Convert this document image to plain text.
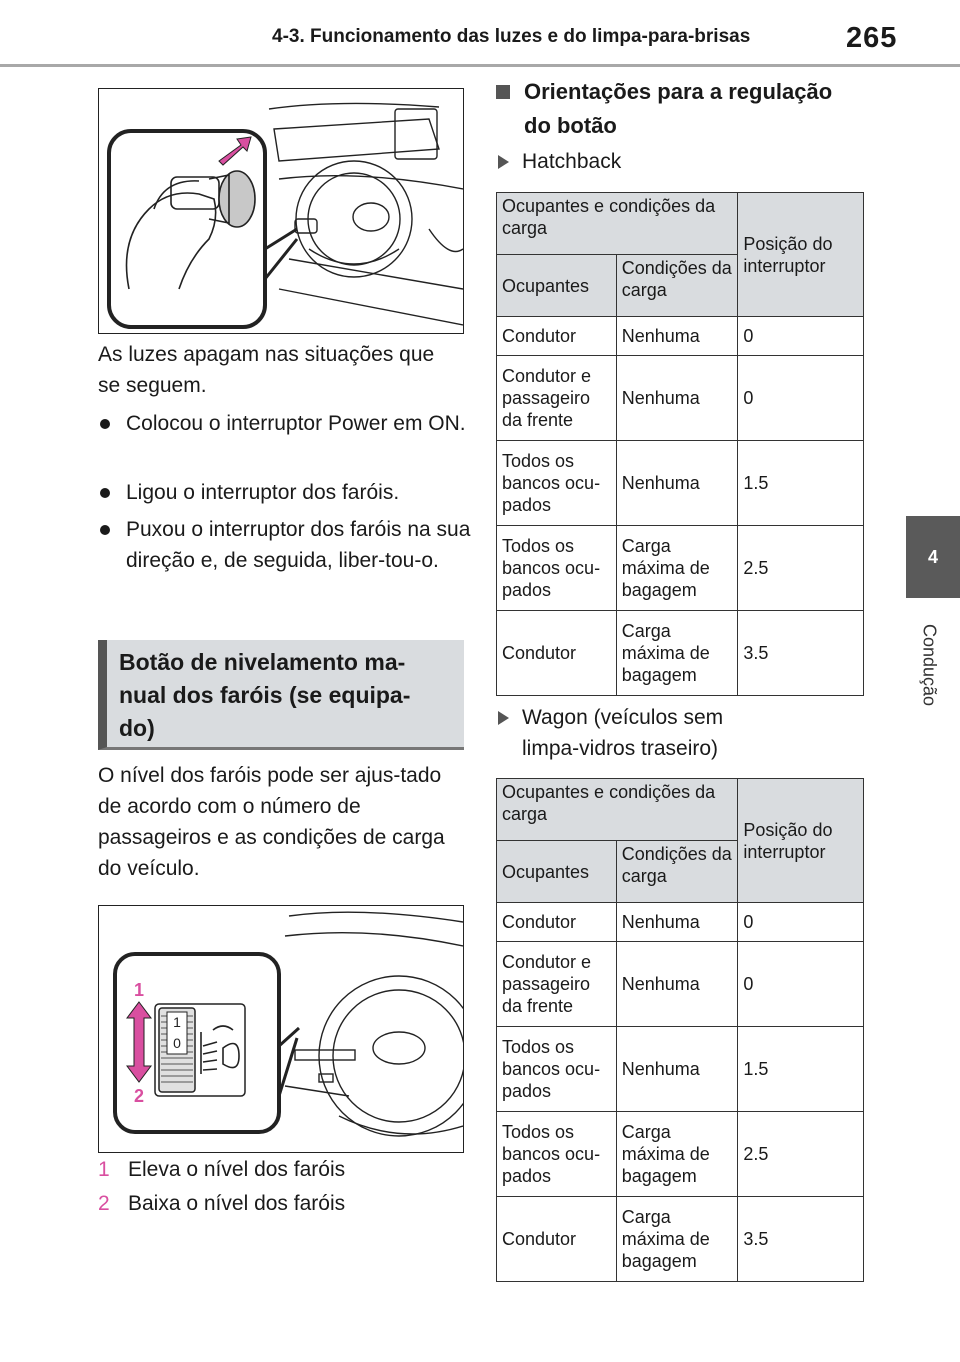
4-3. Funcionamento das luzes e do limpa-para-brisas	265
4
Condução
As luzes apagam nas situações que se seguem.
Colocou o interruptor Power em ON.
Ligou o interruptor dos faróis.
Puxou o interruptor dos faróis na sua direção e, de seguida, liber-tou-o.
Botão de nivelamento ma-
nual dos faróis (se equipa-
do)
O nível dos faróis pode ser ajus-tado de acordo com o número de passageiros e as condições de carga do veículo.
1
0
1
2
1 Eleva o nível dos faróis
2 Baixa o nível dos faróis
Orientações para a regulação
do botão
Hatchback
Ocupantes e condições da carga		Posição do interruptor
Ocupantes	Condições da carga	
Condutor	Nenhuma	0
Condutor e passageiro da frente	Nenhuma	0
Todos os bancos ocu-pados	Nenhuma	1.5
Todos os bancos ocu-pados	Carga máxima de bagagem	2.5
Condutor	Carga máxima de bagagem	3.5
Wagon (veículos sem
limpa-vidros traseiro)
Ocupantes e condições da carga		Posição do interruptor
Ocupantes	Condições da carga	
Condutor	Nenhuma	0
Condutor e passageiro da frente	Nenhuma	0
Todos os bancos ocu-pados	Nenhuma	1.5
Todos os bancos ocu-pados	Carga máxima de bagagem	2.5
Condutor	Carga máxima de bagagem	3.5
